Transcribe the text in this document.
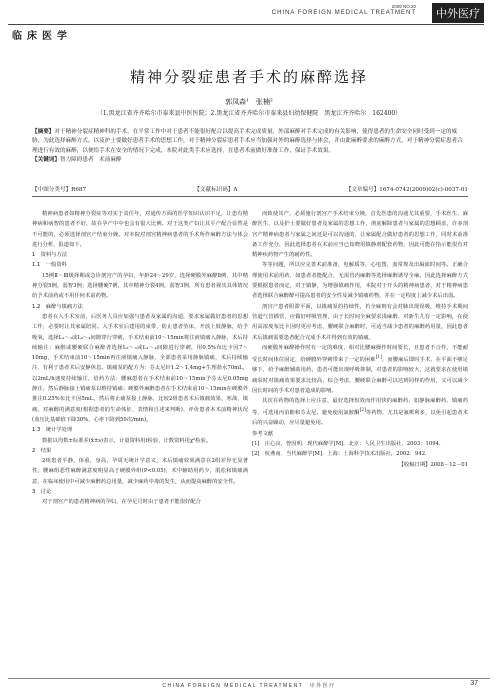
2009 NO.20
CHINA FOREIGN MEDICAL TREATMENT	中外医疗
临床医学
精神分裂症患者手术的麻醉选择
郭凤森¹　张楠²
（1.黑龙江省齐齐哈尔市泰来县中医医院；2.黑龙江省齐齐哈尔市泰来县妇幼保健院　黑龙江齐齐哈尔　162400）
【摘要】对于精神分裂症精神科的手术，在平常工作中对于患者不能很好配合以提高手术完成质量，外部麻醉对手术完成的有关影响，使得患者的生命安全同时受到一定的威胁。为此选择麻醉方式，以及护士要做好患者手术的思想工作，对于精神分裂症患者手术应当加强对外的麻醉选择与体会，并由此麻醉要求的麻醉方式，对于精神分裂症患者合理进行有效的麻醉，以便给手术在安全的情况下完成，本院对此类手术应选择，在患者术前做好准备工作，保证手术效果。
【关键词】智力障碍患者　术前麻醉
【中图分类号】R687	【文献标识码】A	【文章编号】1674-0742(2009)02(c)-0037-01

精神病患者如精神分裂症等对实于责任年，对通传方面的医学知识认识不足，让患有精神病和病智的患者不好，故在孕产中中也会有很大比例。对于这类产妇让其平产配合显然是不可能的，必须选择剖宫产结束分娩。对本院对剖宫精神病患者的手术所作麻醉方法与体会进行分析，报道如下。

1　资料与方法

1.1　一般资料

15例Ⅱ～Ⅲ级择期或急诊剖宫产的孕妇，年龄24～29岁，选择硬膜外麻醉8例，其中精神分裂5例，弱智3例；选择腰硬7例，其中精神分裂4例，弱智3例，所有患者视其具体情况给予术前药或不用任何术前药物。

1.2　麻醉与镇痛方法

患者在入手术室前，后医务人员应加强与患者及家属的沟通，要求家属做好患者的思想工作，必要时让其家属陪同。入手术室后建用的束带，防止患者坠床，开放上肢静脉，给予吸氧，选择L₂～₃或L₃～₄间隙穿行穿刺，手术结束前10～15min将注液镇痛入静脉，术后持续输注；麻醉或腰硬联合麻醉者选择L₂～₃或L₃～₄间隙进行穿刺，用0.5%布比卡因7～10mg，手术结束前10～15min再注液镇痛入静脉，全部患者采用静脉镇痛，术后持续输注，有利于患者术后安静休息。镇痛泵的配方为：芬太尼针1.2～1.4mg+生理盐水70mL，以2mL/h速度持续输注，给药方法：腰麻患者在手术结束前10～15min予芬太尼0.05mg 静注，然后静脉接上镇痛泵以维持镇痛；硬膜外麻醉患者在手术结束前10～15min在硬膜外推注0.25%布比卡因5mL，然后将止痛泵接上静脉，比较2组患者术后镇痛效果，寒战、镇痛、对麻醉的满意度(根据患者的生命体征、表情和自述来判断)、评价患者本术前精神状况(血压比基础值下降30%，心率下降到50次/min)。

1.3　统计学处理

数据以均数±标准差(x̄±s)表示，计量资料用t检验，计数资料用χ²检验。

2　结果

2组患者平静，体重，身高，孕周无统计学意义，术后镇痛效果满意在2组差异无显著性，腰麻组恶性麻醉满意度明显高于硬膜外组(P<0.05)，术中辅助用药少，肌松和镇痛满意，在临床使用中可减少麻醉药总用量，减少麻药中毒的发生，从而提高麻醉的安全性。

3　讨论

对于剖宫产的患者精神病的孕妇，在孕足月时由于患者不能很好配合

而致使其产，必须施行剖宫产手术结束分娩，首先医患的沟通尤其重要，手术医生、麻醉医生、以及护士要做好患者及家属的思想工作，彻底解除患者与家属的思想顾虑，许多剖宫产精神病患者与家属之间还是可以沟通的，让家属配合做好患者的思想工作，同时术前准备工作充分，因此选择患者在术前应当已知晓用镇静剂配套药物，因此可能在指示能很有对精神疾药物产生的耐药性。

等等问题，所以应完善术前准备，电解质等，心电图，血常规及出凝血时间等。正确合理使用术前用药，如患者者能配合，无需管内麻醉等选择麻醉诱导全麻，因此选择麻醉方式要根据患者而定，对于镇静，为增强镇痛作用，本院对于开头的精神病患者，对于精神病患者选择联合麻醉醉可提高患者的安全性及减少镇痛药物，并在一定程度上减少术后出血。

剖宫产患者阻滞平面，以镇痛泵的持续性，若全麻则有会对肺出现误吸，维持手术期间管道气管插管，应做好呼吸管理，由于长时间全麻要求浅麻醉，对新生儿有一定影响，在使用高浓度布比卡因时更应考虑，腰硬联合麻醉时，可适当减少患者的麻醉药用量，因此患者术后镇痛需要患者配合完成手术并得到有效的镇痛。

而硬膜外麻醉操作时有一定的难度，相对比腰麻操作时间要长，且患者不合作，不能耐受长时间体位固定，给硬膜外穿刺带来了一定的困难[1]，而腰麻后即时手术，在平面不够足够下，给予麻醉辅助用药，患者可能出现呼吸抑制，对患者的影响较大，这就要求在使用镇痛泵时对镇痛效果要求比较高，综合考虑，腰硬联合麻醉可以达到同样的作用，又可以减少因长时间的手术对患者造成的影响。

其次在药物的选择上应注意，最好选择短效而作用快的麻醉药，如静脉麻醉药、镇痛药等，可选用丙泊酚和芬太尼，避免使用氯胺酮[2]等药物，尤其是氟哌利多，以免引起患者术后的兴奋躁动，应尽量避免用。

参考文献

[1]　庄心良，曾因明．现代麻醉学[M]．北京：人民卫生出版社，2003：1094．

[2]　杭燕南．当代麻醉学[M]．上海：上海科学技术出版社，2002：942．

【收稿日期】2008－12－01

CHINA FOREIGN MEDICAL TREATMENT　中外医疗	37
